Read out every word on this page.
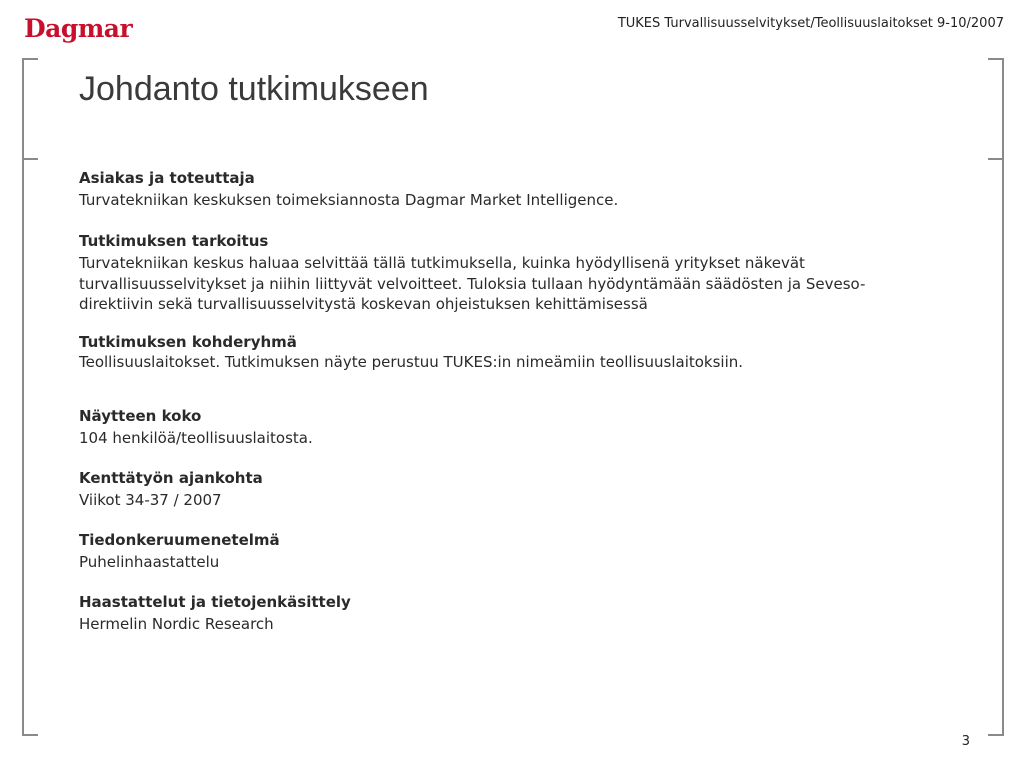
Dagmar	TUKES Turvallisuusselvitykset/Teollisuuslaitokset 9-10/2007
Johdanto tutkimukseen
Asiakas ja toteuttaja

Turvatekniikan keskuksen toimeksiannosta Dagmar Market Intelligence.

Tutkimuksen tarkoitus

Turvatekniikan keskus haluaa selvittää tällä tutkimuksella, kuinka hyödyllisenä yritykset näkevät turvallisuusselvitykset ja niihin liittyvät velvoitteet. Tuloksia tullaan hyödyntämään säädösten ja Seveso-direktiivin sekä turvallisuusselvitystä koskevan ohjeistuksen kehittämisessä

Tutkimuksen kohderyhmä

Teollisuuslaitokset. Tutkimuksen näyte perustuu TUKES:in nimeämiin teollisuuslaitoksiin.

Näytteen koko

104 henkilöä/teollisuuslaitosta.

Kenttätyön ajankohta

Viikot 34-37 / 2007

Tiedonkeruumenetelmä

Puhelinhaastattelu

Haastattelut ja tietojenkäsittely

Hermelin Nordic Research

3
